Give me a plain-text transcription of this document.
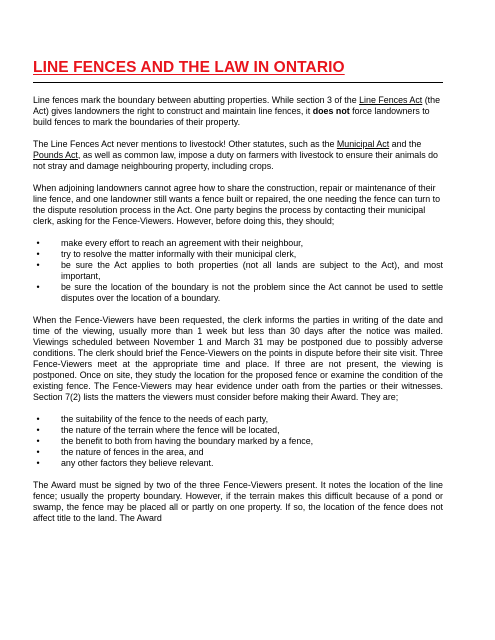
LINE FENCES AND THE LAW IN ONTARIO

Line fences mark the boundary between abutting properties. While section 3 of the Line Fences Act (the Act) gives landowners the right to construct and maintain line fences, it does not force landowners to build fences to mark the boundaries of their property.

The Line Fences Act never mentions to livestock! Other statutes, such as the Municipal Act and the Pounds Act, as well as common law, impose a duty on farmers with livestock to ensure their animals do not stray and damage neighbouring property, including crops.

When adjoining landowners cannot agree how to share the construction, repair or maintenance of their line fence, and one landowner still wants a fence built or repaired, the one needing the fence can turn to the dispute resolution process in the Act. One party begins the process by contacting their municipal clerk, asking for the Fence-Viewers. However, before doing this, they should;

•	make every effort to reach an agreement with their neighbour,
•	try to resolve the matter informally with their municipal clerk,
•	be sure the Act applies to both properties (not all lands are subject to the Act), and most important,
•	be sure the location of the boundary is not the problem since the Act cannot be used to settle disputes over the location of a boundary.

When the Fence-Viewers have been requested, the clerk informs the parties in writing of the date and time of the viewing, usually more than 1 week but less than 30 days after the notice was mailed. Viewings scheduled between November 1 and March 31 may be postponed due to possibly adverse conditions. The clerk should brief the Fence-Viewers on the points in dispute before their site visit. Three Fence-Viewers meet at the appropriate time and place. If three are not present, the viewing is postponed. Once on site, they study the location for the proposed fence or examine the condition of the existing fence. The Fence-Viewers may hear evidence under oath from the parties or their witnesses. Section 7(2) lists the matters the viewers must consider before making their Award. They are;

•	the suitability of the fence to the needs of each party,
•	the nature of the terrain where the fence will be located,
•	the benefit to both from having the boundary marked by a fence,
•	the nature of fences in the area, and
•	any other factors they believe relevant.

The Award must be signed by two of the three Fence-Viewers present. It notes the location of the line fence; usually the property boundary. However, if the terrain makes this difficult because of a pond or swamp, the fence may be placed all or partly on one property. If so, the location of the fence does not affect title to the land. The Award
